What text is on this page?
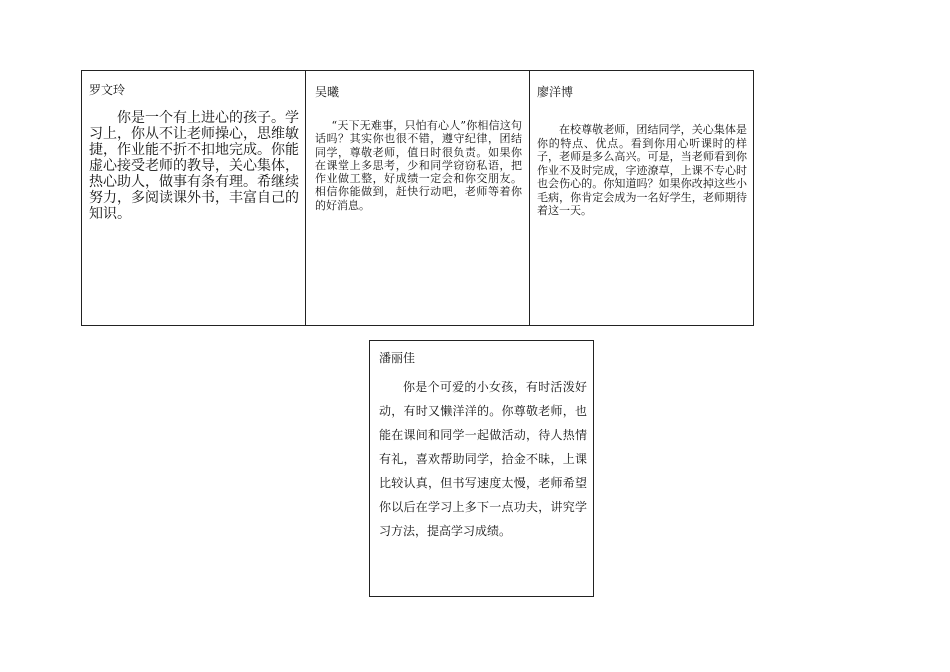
罗文玲
你是一个有上进心的孩子。学习上，你从不让老师操心，思维敏捷，作业能不折不扣地完成。你能虚心接受老师的教导，关心集体，热心助人，做事有条有理。希继续努力，多阅读课外书，丰富自己的知识。
吴曦
“天下无难事，只怕有心人”你相信这句话吗？其实你也很不错，遵守纪律，团结同学，尊敬老师，值日时很负责。如果你在课堂上多思考，少和同学窃窃私语，把作业做工整，好成绩一定会和你交朋友。相信你能做到，赶快行动吧，老师等着你的好消息。
廖洋博
在校尊敬老师，团结同学，关心集体是你的特点、优点。看到你用心听课时的样子，老师是多么高兴。可是，当老师看到你作业不及时完成，字迹潦草，上课不专心时也会伤心的。你知道吗？如果你改掉这些小毛病，你肯定会成为一名好学生，老师期待着这一天。
潘丽佳
你是个可爱的小女孩，有时活泼好动，有时又懒洋洋的。你尊敬老师，也能在课间和同学一起做活动，待人热情有礼，喜欢帮助同学，拾金不昧，上课比较认真，但书写速度太慢，老师希望你以后在学习上多下一点功夫，讲究学习方法，提高学习成绩。
